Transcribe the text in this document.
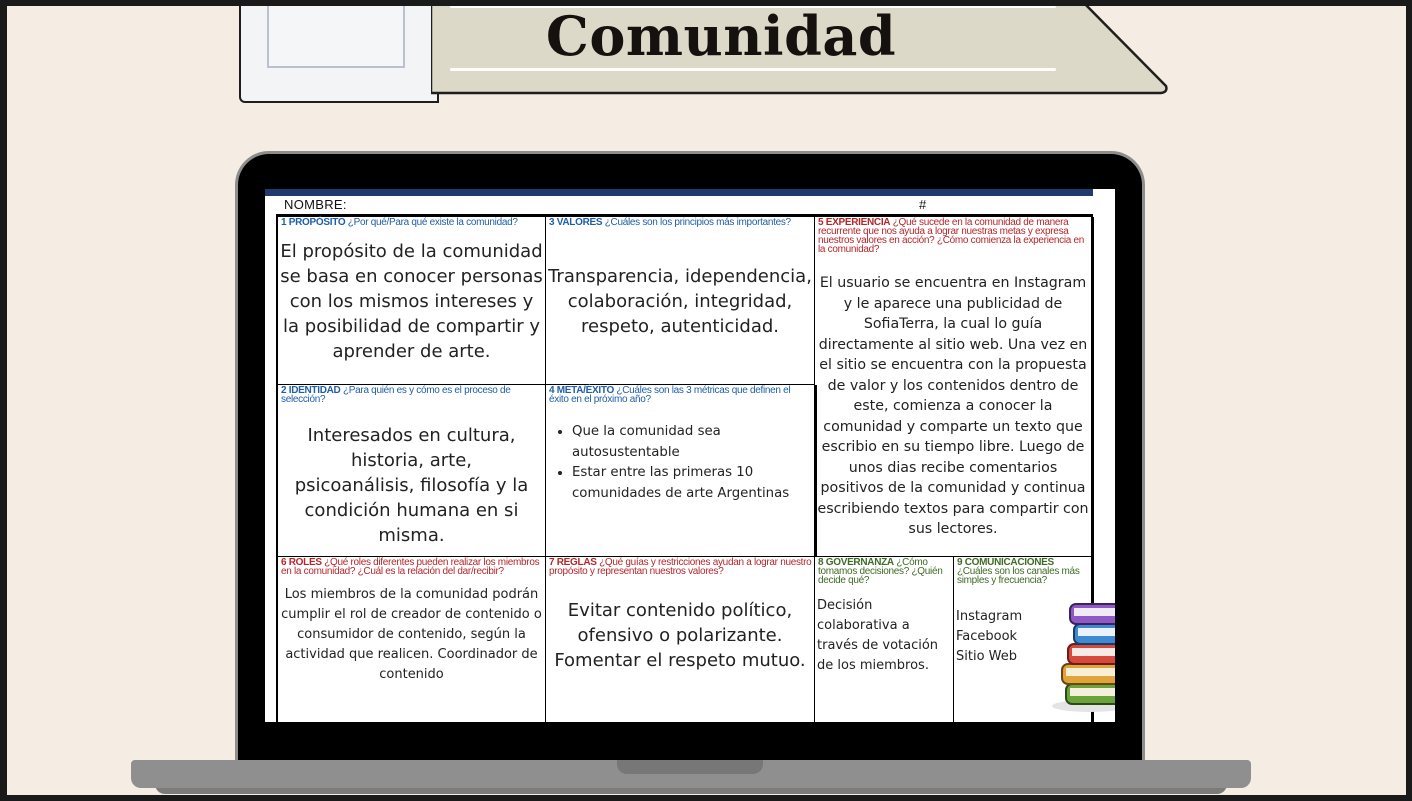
Comunidad
NOMBRE:	#
1 PROPÓSITO ¿Por qué/Para qué existe la comunidad?
El propósito de la comunidad se basa en conocer personas con los mismos intereses y la posibilidad de compartir y aprender de arte.
3 VALORES ¿Cuáles son los principios más importantes?
Transparencia, idependencia, colaboración, integridad, respeto, autenticidad.
5 EXPERIENCIA ¿Qué sucede en la comunidad de manera recurrente que nos ayuda a lograr nuestras metas y expresa nuestros valores en acción? ¿Cómo comienza la experiencia en la comunidad?
El usuario se encuentra en Instagram y le aparece una publicidad de SofiaTerra, la cual lo guía directamente al sitio web. Una vez en el sitio se encuentra con la propuesta de valor y los contenidos dentro de este, comienza a conocer la comunidad y comparte un texto que escribio en su tiempo libre. Luego de unos dias recibe comentarios positivos de la comunidad y continua escribiendo textos para compartir con sus lectores.
2 IDENTIDAD ¿Para quién es y cómo es el proceso de selección?
Interesados en cultura, historia, arte, psicoanálisis, filosofía y la condición humana en si misma.
4 META/ÉXITO ¿Cuáles son las 3 métricas que definen el éxito en el próximo año?
• Que la comunidad sea autosustentable
• Estar entre las primeras 10 comunidades de arte Argentinas
6 ROLES ¿Qué roles diferentes pueden realizar los miembros en la comunidad? ¿Cuál es la relación del dar/recibir?
Los miembros de la comunidad podrán cumplir el rol de creador de contenido o consumidor de contenido, según la actividad que realicen. Coordinador de contenido
7 REGLAS ¿Qué guías y restricciones ayudan a lograr nuestro propósito y representan nuestros valores?
Evitar contenido político, ofensivo o polarizante. Fomentar el respeto mutuo.
8 GOVERNANZA ¿Cómo tomamos decisiones? ¿Quién decide qué?
Decisión colaborativa a través de votación de los miembros.
9 COMUNICACIONES ¿Cuáles son los canales más simples y frecuencia?
Instagram
Facebook
Sitio Web
